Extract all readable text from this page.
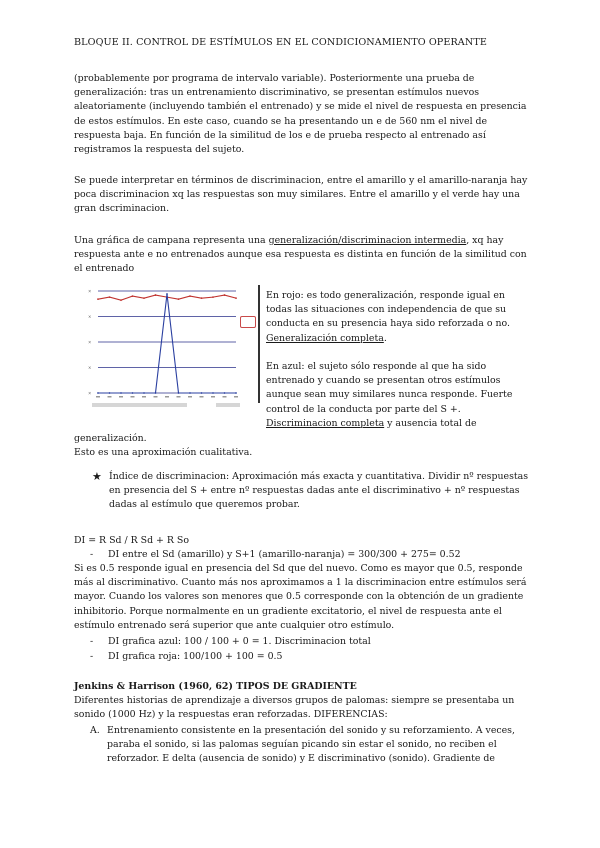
BLOQUE II. CONTROL DE ESTÍMULOS EN EL CONDICIONAMIENTO OPERANTE

(probablemente por programa de intervalo variable). Posteriormente una prueba de generalización: tras un entrenamiento discriminativo, se presentan estímulos nuevos aleatoriamente (incluyendo también el entrenado) y se mide el nivel de respuesta en presencia de estos estímulos. En este caso, cuando se ha presentando un e de 560 nm el nivel de respuesta baja. En función de la similitud de los e de prueba respecto al entrenado así registramos la respuesta del sujeto.

Se puede interpretar en términos de discriminacion, entre el amarillo y el amarillo-naranja hay poca discriminacion xq las respuestas son muy similares. Entre el amarillo y el verde hay una gran dscriminacion.

Una gráfica de campana representa una generalización/discriminacion intermedia, xq hay respuesta ante e no entrenados aunque esa respuesta es distinta en función de la similitud con el entrenado

×
×
×
×
×	En rojo: es todo generalización, responde igual en todas las situaciones con independencia de que su conducta en su presencia haya sido reforzada o no. Generalización completa.

En azul: el sujeto sólo responde al que ha sido entrenado y cuando se presentan otros estímulos aunque sean muy similares nunca responde. Fuerte control de la conducta por parte del S +. Discriminacion completa y ausencia total de

generalización.

Esto es una aproximación cualitativa.

★ Índice de discriminacion: Aproximación más exacta y cuantitativa. Dividir nº respuestas en presencia del S + entre nº respuestas dadas ante el discriminativo + nº respuestas dadas al estímulo que queremos probar.

DI = R Sd / R Sd + R So

- DI entre el Sd (amarillo) y S+1 (amarillo-naranja) = 300/300 + 275= 0.52

Si es 0.5 responde igual en presencia del Sd que del nuevo. Como es mayor que 0.5, responde más al discriminativo. Cuanto más nos aproximamos a 1 la discriminacion entre estímulos será mayor. Cuando los valores son menores que 0.5 corresponde con la obtención de un gradiente inhibitorio. Porque normalmente en un gradiente excitatorio, el nivel de respuesta ante el estímulo entrenado será superior que ante cualquier otro estímulo.

- DI grafica azul: 100 / 100 + 0 = 1. Discriminacion total
- DI grafica roja: 100/100 + 100 = 0.5

Jenkins & Harrison (1960, 62) TIPOS DE GRADIENTE

Diferentes historias de aprendizaje a diversos grupos de palomas: siempre se presentaba un sonido (1000 Hz) y la respuestas eran reforzadas. DIFERENCIAS:

A. Entrenamiento consistente en la presentación del sonido y su reforzamiento. A veces, paraba el sonido, si las palomas seguían picando sin estar el sonido, no reciben el reforzador. E delta (ausencia de sonido) y E discriminativo (sonido). Gradiente de
